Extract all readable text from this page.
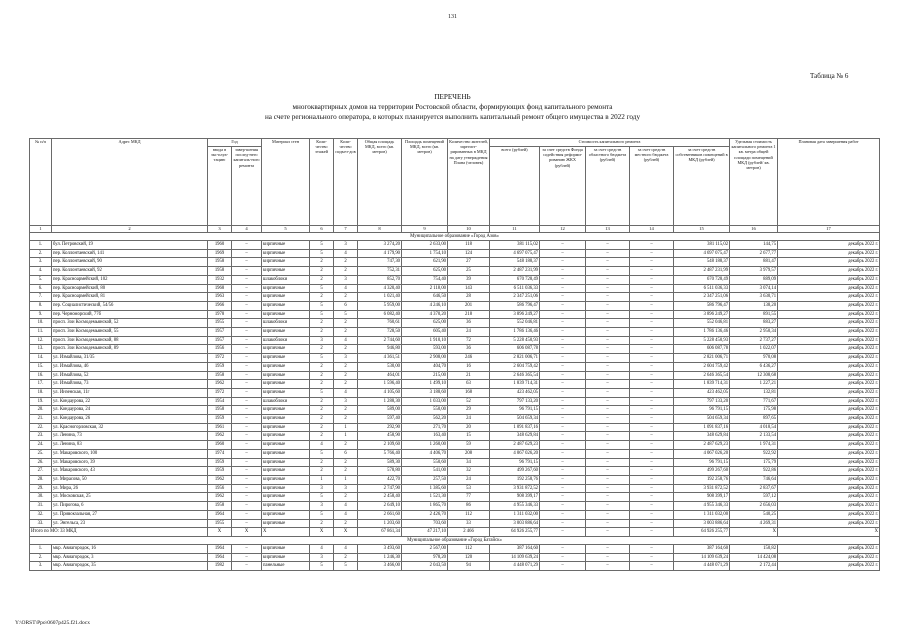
131
Таблица № 6
ПЕРЕЧЕНЬ
многоквартирных домов на территории Ростовской области, формирующих фонд капитального ремонта
на счете регионального оператора, в которых планируется выполнить капитальный ремонт общего имущества в 2022 году
№ п/п	Адрес МКД	Год		Материал стен	Коли-чество этажей	Коли-чество подъез-дов	Общая площадь МКД, всего (кв. метров)	Площадь помещений МКД, всего (кв. метров)	Количество жителей, зарегист-рированных в МКД на дату утверждения Плана (человек)	Стоимость капитального ремонта					Удельная стоимость капитального ремонта 1 кв. метра общей площади помещений МКД (рублей/ кв. метров)	Плановая дата завершения работ
		ввода в экс-плуа-тацию	завер-шения послед-него капиталь-ного ремонта							всего (рублей)	за счет средств Фонда содействия реформи-рованию ЖКХ (рублей)	за счет средств областного бюджета (рублей)	за счет средств местного бюджета (рублей)	за счет средств собственников помещений в МКД (рублей)		
1	2	3	4	5	6	7	8	9	10	11	12	13	14	15	16	17
Муниципальное образование «Город Азов»																
1.	бул. Петровский, 19	1960	–	кирпичные	5	3	3 274,20	2 633,00	118	381 115,02	–	–	–	381 115,02	144,75	декабрь 2022 г.
2.	пер. Коллонтаевский, 141	1969	–	кирпичные	5	4	4 179,90	1 754,10	124	4 697 075,47	–	–	–	4 697 075,47	2 677,77	декабрь 2022 г.
3.	пер. Коллонтаевский, 90	1958	–	кирпичные	2	2	747,30	621,90	27	548 188,37	–	–	–	548 188,37	881,47	декабрь 2022 г.
4.	пер. Коллонтаевский, 92	1958	–	кирпичные	2	2	752,31	625,00	25	2 487 231,99	–	–	–	2 487 231,99	3 979,57	декабрь 2022 г.
5.	пер. Красноармейский, 102	1932	–	шлакоблоки	2	3	852,70	754,40	39	670 728,49	–	–	–	670 728,49	889,09	декабрь 2022 г.
6.	пер. Красноармейский, 80	1968	–	кирпичные	5	4	4 320,40	2 118,00	143	6 511 036,33	–	–	–	6 511 036,33	3 074,14	декабрь 2022 г.
7.	пер. Красноармейский, 81	1963	–	кирпичные	2	2	1 021,40	646,50	28	2 347 251,06	–	–	–	2 347 251,06	3 630,71	декабрь 2022 г.
8.	пер. Социалистический, 54/56	1966	–	кирпичные	5	6	5 959,00	4 246,10	201	586 796,47	–	–	–	586 796,47	138,20	декабрь 2022 г.
9.	пер. Черноморский, 77б	1978	–	кирпичные	5	5	6 082,40	4 370,20	218	3 896 249,27	–	–	–	3 896 249,27	891,55	декабрь 2022 г.
10.	просп. Зои Космодемьянской, 52	1955	–	шлакоблоки	2	2	760,61	625,00	36	552 046,81	–	–	–	552 046,81	883,27	декабрь 2022 г.
11.	просп. Зои Космодемьянской, 55	1957	–	кирпичные	2	2	728,50	605,40	24	1 786 136,46	–	–	–	1 786 136,46	2 950,34	декабрь 2022 г.
12.	просп. Зои Космодемьянской, 88	1957	–	шлакоблоки	3	4	2 744,60	1 910,10	72	5 228 450,93	–	–	–	5 228 450,93	2 737,27	декабрь 2022 г.
13.	просп. Зои Космодемьянской, 89	1956	–	кирпичные	2	2	946,80	593,00	36	606 087,78	–	–	–	606 087,78	1 022,07	декабрь 2022 г.
14.	ул. Измайлова, 31/35	1972	–	кирпичные	5	3	4 361,51	2 908,00	246	2 821 006,71	–	–	–	2 821 006,71	970,08	декабрь 2022 г.
15.	ул. Измайлова, 46	1959	–	кирпичные	2	2	530,00	404,70	16	2 604 759,42	–	–	–	2 604 759,42	6 436,27	декабрь 2022 г.
16.	ул. Измайлова, 52	1958	–	кирпичные	2	2	464,01	215,00	21	2 646 365,54	–	–	–	2 646 365,54	12 308,68	декабрь 2022 г.
17.	ул. Измайлова, 73	1962	–	кирпичные	2	2	1 596,40	1 499,10	63	1 839 714,31	–	–	–	1 839 714,31	1 227,21	декабрь 2022 г.
18.	ул. Инзенская, 11г	1972	–	кирпичные	5	4	4 105,60	3 188,60	168	423 462,05	–	–	–	423 462,05	132,81	декабрь 2022 г.
19.	ул. Кондаурова, 22	1954	–	шлакоблоки	2	3	1 288,30	1 033,00	52	797 133,20	–	–	–	797 133,20	771,67	декабрь 2022 г.
20.	ул. Кондаурова, 24	1958	–	кирпичные	2	2	589,00	550,00	29	96 791,15	–	–	–	96 791,15	175,98	декабрь 2022 г.
21.	ул. Кондаурова, 26	1959	–	кирпичные	2	2	597,40	562,20	24	504 659,34	–	–	–	504 659,34	897,65	декабрь 2022 г.
22.	ул. Красногорловская, 32	1961	–	кирпичные	2	1	292,90	271,70	20	1 091 837,16	–	–	–	1 091 837,16	4 018,54	декабрь 2022 г.
23.	ул. Ленина, 73	1962	–	кирпичные	2	1	458,90	163,40	15	348 629,84	–	–	–	348 629,84	2 133,54	декабрь 2022 г.
24.	ул. Ленина, 83	1960	–	кирпичные	4	2	2 109,60	1 260,00	59	2 487 629,23	–	–	–	2 487 629,23	1 974,31	декабрь 2022 г.
25.	ул. Макаровского, 100	1974	–	кирпичные	5	6	5 766,40	4 406,70	208	4 067 026,20	–	–	–	4 067 026,20	922,92	декабрь 2022 г.
26.	ул. Макаровского, 39	1959	–	кирпичные	2	2	589,30	550,60	34	96 791,15	–	–	–	96 791,15	175,79	декабрь 2022 г.
27.	ул. Макаровского, 43	1959	–	кирпичные	2	2	578,80	541,00	32	499 267,60	–	–	–	499 267,60	922,86	декабрь 2022 г.
28.	ул. Мирасова, 50	1962	–	кирпичные	1	1	422,70	257,50	24	192 258,76	–	–	–	192 258,76	746,64	декабрь 2022 г.
29.	ул. Мира, 26	1956	–	кирпичные	3	3	2 747,90	1 385,60	53	3 931 872,52	–	–	–	3 931 872,52	2 837,67	декабрь 2022 г.
30.	ул. Московская, 25	1962	–	кирпичные	5	2	2 458,40	1 521,30	77	908 399,17	–	–	–	908 399,17	597,12	декабрь 2022 г.
31.	ул. Пирогова, 6	1958	–	кирпичные	3	4	2 649,10	1 865,70	86	4 955 346,33	–	–	–	4 955 346,33	2 656,03	декабрь 2022 г.
32.	ул. Привокзальная, 27	1964	–	кирпичные	5	4	2 661,60	2 426,70	112	1 311 032,00	–	–	–	1 311 032,00	540,25	декабрь 2022 г.
33.	ул. Энгельса, 23	1955	–	кирпичные	2	2	1 203,60	703,60	33	3 003 886,64	–	–	–	3 003 886,64	4 269,31	декабрь 2022 г.
Итого по МО: 33 МКД		X	X	X	X	X	67 861,34	47 217,10	2 466	64 926 255,77	–	–	–	64 926 255,77	X	X
Муниципальное образование «Город Батайск»																
1.	мкр. Авиагородок, 16	1964	–	кирпичные	4	4	3 493,60	2 567,00	112	387 164,60	–	–	–	387 164,60	150,82	декабрь 2022 г.
2.	мкр. Авиагородок, 3	1964	–	кирпичные	3	2	1 246,30	978,20	120	14 109 639,24	–	–	–	14 109 639,24	14 424,08	декабрь 2022 г.
3.	мкр. Авиагородок, 35	1982	–	панельные	5	5	3 466,00	2 043,50	94	4 448 071,29	–	–	–	4 448 071,29	2 172,44	декабрь 2022 г.
Y:\ORST\Ppo\0607p425.f21.docx
